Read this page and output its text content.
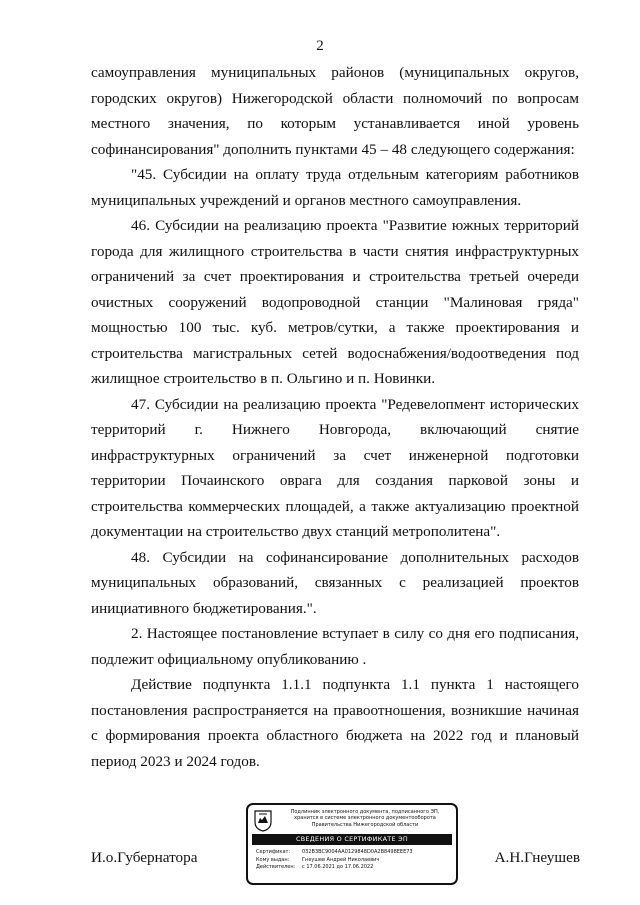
2

самоуправления муниципальных районов (муниципальных округов, городских округов) Нижегородской области полномочий по вопросам местного значения, по которым устанавливается иной уровень софинансирования" дополнить пунктами 45 – 48 следующего содержания:

"45. Субсидии на оплату труда отдельным категориям работников муниципальных учреждений и органов местного самоуправления.

46. Субсидии на реализацию проекта "Развитие южных территорий города для жилищного строительства в части снятия инфраструктурных ограничений за счет проектирования и строительства третьей очереди очистных сооружений водопроводной станции "Малиновая гряда" мощностью 100 тыс. куб. метров/сутки, а также проектирования и строительства магистральных сетей водоснабжения/водоотведения под жилищное строительство в п. Ольгино и п. Новинки.

47. Субсидии на реализацию проекта "Редевелопмент исторических территорий г. Нижнего Новгорода, включающий снятие инфраструктурных ограничений за счет инженерной подготовки территории Почаинского оврага для создания парковой зоны и строительства коммерческих площадей, а также актуализацию проектной документации на строительство двух станций метрополитена".

48. Субсидии на софинансирование дополнительных расходов муниципальных образований, связанных с реализацией проектов инициативного бюджетирования.".

2. Настоящее постановление вступает в силу со дня его подписания, подлежит официальному опубликованию .

Действие подпункта 1.1.1 подпункта 1.1 пункта 1 настоящего постановления распространяется на правоотношения, возникшие начиная с формирования проекта областного бюджета на 2022 год и плановый период 2023 и 2024 годов.

И.о.Губернатора	А.Н.Гнеушев
Подлинник электронного документа, подписанного ЭП,
хранится в системе электронного документооборота
Правительства Нижегородской области
СВЕДЕНИЯ О СЕРТИФИКАТЕ ЭП
Сертификат:	032B3BC9004AA0129848D0A2B8498EEE73
Кому выдан:	Гнеушев Андрей Николаевич
Действителен:	с 17.06.2021 до 17.06.2022
